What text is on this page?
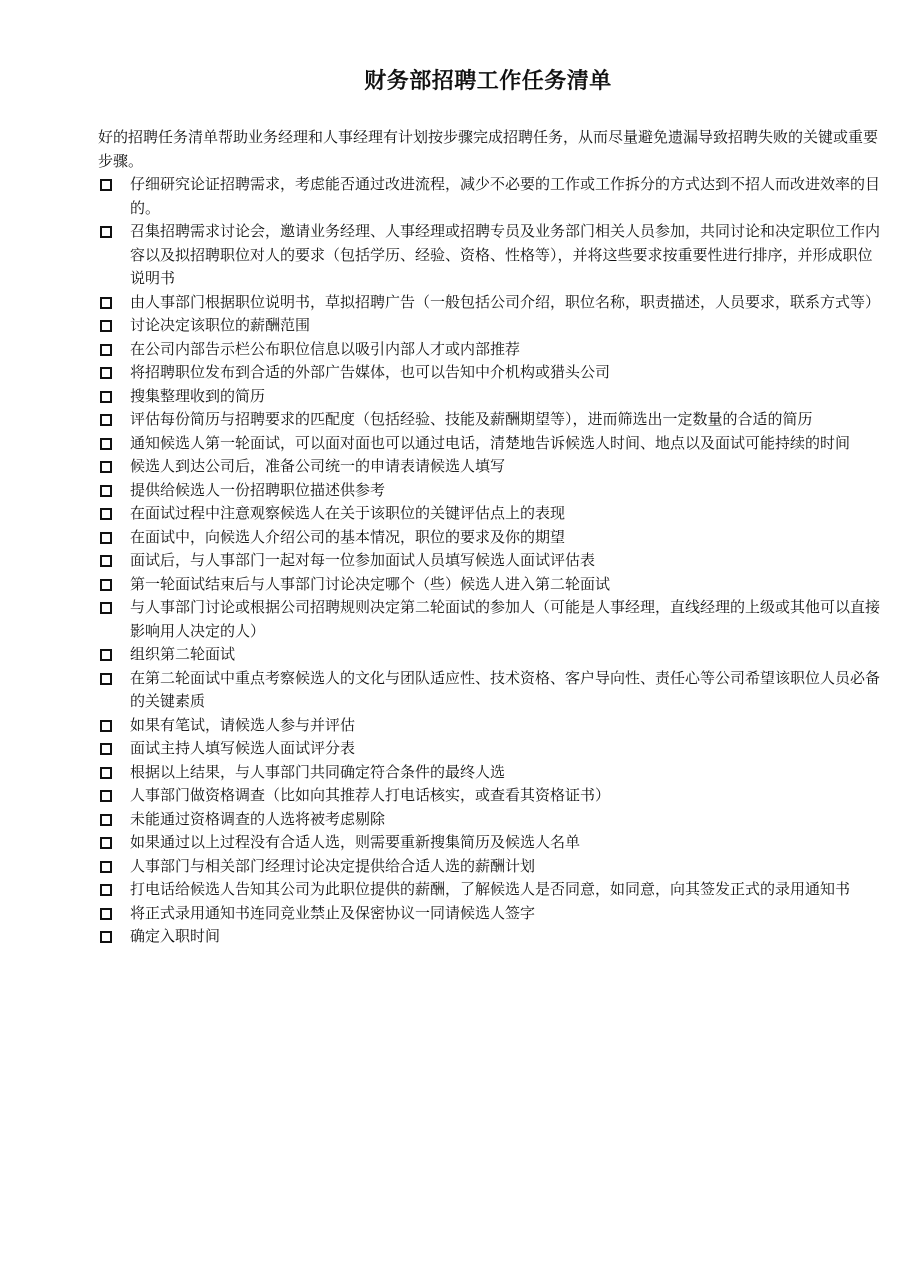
财务部招聘工作任务清单

好的招聘任务清单帮助业务经理和人事经理有计划按步骤完成招聘任务，从而尽量避免遗漏导致招聘失败的关键或重要步骤。

仔细研究论证招聘需求，考虑能否通过改进流程，减少不必要的工作或工作拆分的方式达到不招人而改进效率的目的。
召集招聘需求讨论会，邀请业务经理、人事经理或招聘专员及业务部门相关人员参加，共同讨论和决定职位工作内容以及拟招聘职位对人的要求（包括学历、经验、资格、性格等），并将这些要求按重要性进行排序，并形成职位说明书
由人事部门根据职位说明书，草拟招聘广告（一般包括公司介绍，职位名称，职责描述，人员要求，联系方式等）
讨论决定该职位的薪酬范围
在公司内部告示栏公布职位信息以吸引内部人才或内部推荐
将招聘职位发布到合适的外部广告媒体，也可以告知中介机构或猎头公司
搜集整理收到的简历
评估每份简历与招聘要求的匹配度（包括经验、技能及薪酬期望等），进而筛选出一定数量的合适的简历
通知候选人第一轮面试，可以面对面也可以通过电话，清楚地告诉候选人时间、地点以及面试可能持续的时间
候选人到达公司后，准备公司统一的申请表请候选人填写
提供给候选人一份招聘职位描述供参考
在面试过程中注意观察候选人在关于该职位的关键评估点上的表现
在面试中，向候选人介绍公司的基本情况，职位的要求及你的期望
面试后，与人事部门一起对每一位参加面试人员填写候选人面试评估表
第一轮面试结束后与人事部门讨论决定哪个（些）候选人进入第二轮面试
与人事部门讨论或根据公司招聘规则决定第二轮面试的参加人（可能是人事经理，直线经理的上级或其他可以直接影响用人决定的人）
组织第二轮面试
在第二轮面试中重点考察候选人的文化与团队适应性、技术资格、客户导向性、责任心等公司希望该职位人员必备的关键素质
如果有笔试，请候选人参与并评估
面试主持人填写候选人面试评分表
根据以上结果，与人事部门共同确定符合条件的最终人选
人事部门做资格调查（比如向其推荐人打电话核实，或查看其资格证书）
未能通过资格调查的人选将被考虑剔除
如果通过以上过程没有合适人选，则需要重新搜集简历及候选人名单
人事部门与相关部门经理讨论决定提供给合适人选的薪酬计划
打电话给候选人告知其公司为此职位提供的薪酬，了解候选人是否同意，如同意，向其签发正式的录用通知书
将正式录用通知书连同竞业禁止及保密协议一同请候选人签字
确定入职时间
